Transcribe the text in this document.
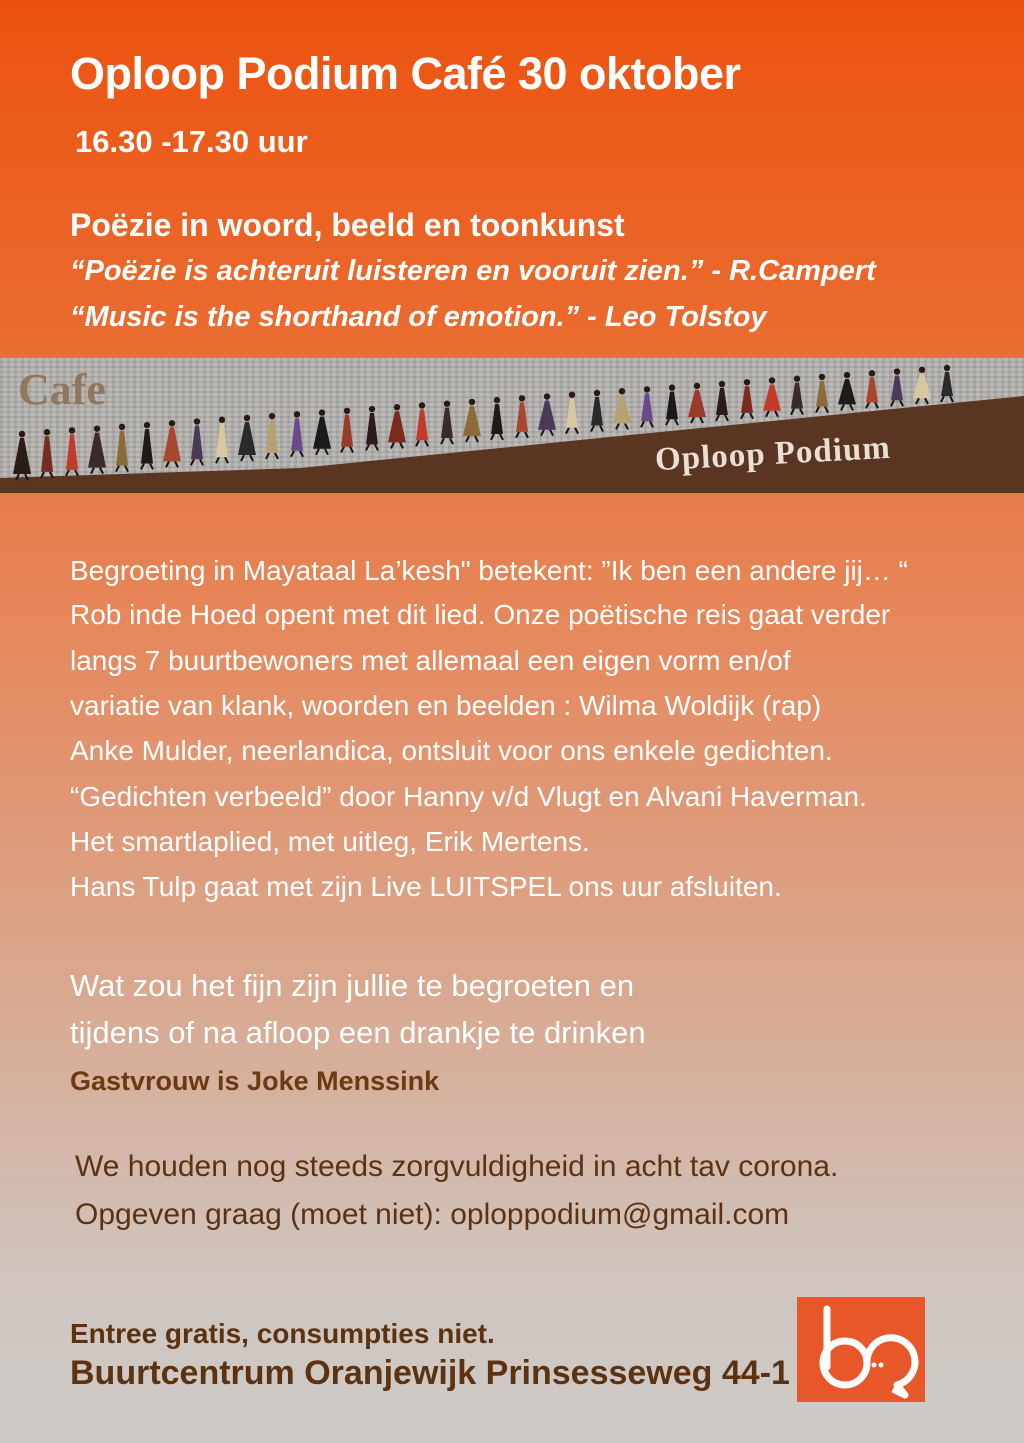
Oploop Podium Café 30 oktober

16.30 -17.30 uur

Poëzie in woord, beeld en toonkunst

“Poëzie is achteruit luisteren en vooruit zien.” - R.Campert

“Music is the shorthand of emotion.” - Leo Tolstoy

Cafe
Oploop Podium

Begroeting in Mayataal La’kesh" betekent: ”Ik ben een andere jij… “

Rob inde Hoed opent met dit lied. Onze poëtische reis gaat verder

langs 7 buurtbewoners met allemaal een eigen vorm en/of

variatie van klank, woorden en beelden : Wilma Woldijk (rap)

Anke Mulder, neerlandica, ontsluit voor ons enkele gedichten.

“Gedichten verbeeld” door Hanny v/d Vlugt en Alvani Haverman.

Het smartlaplied, met uitleg, Erik Mertens.

Hans Tulp gaat met zijn Live LUITSPEL ons uur afsluiten.

Wat zou het fijn zijn jullie te begroeten en

tijdens of na afloop een drankje te drinken

Gastvrouw is Joke Menssink

We houden nog steeds zorgvuldigheid in acht tav corona.

Opgeven graag (moet niet): oploppodium@gmail.com

Entree gratis, consumpties niet.

Buurtcentrum Oranjewijk Prinsesseweg 44-1
